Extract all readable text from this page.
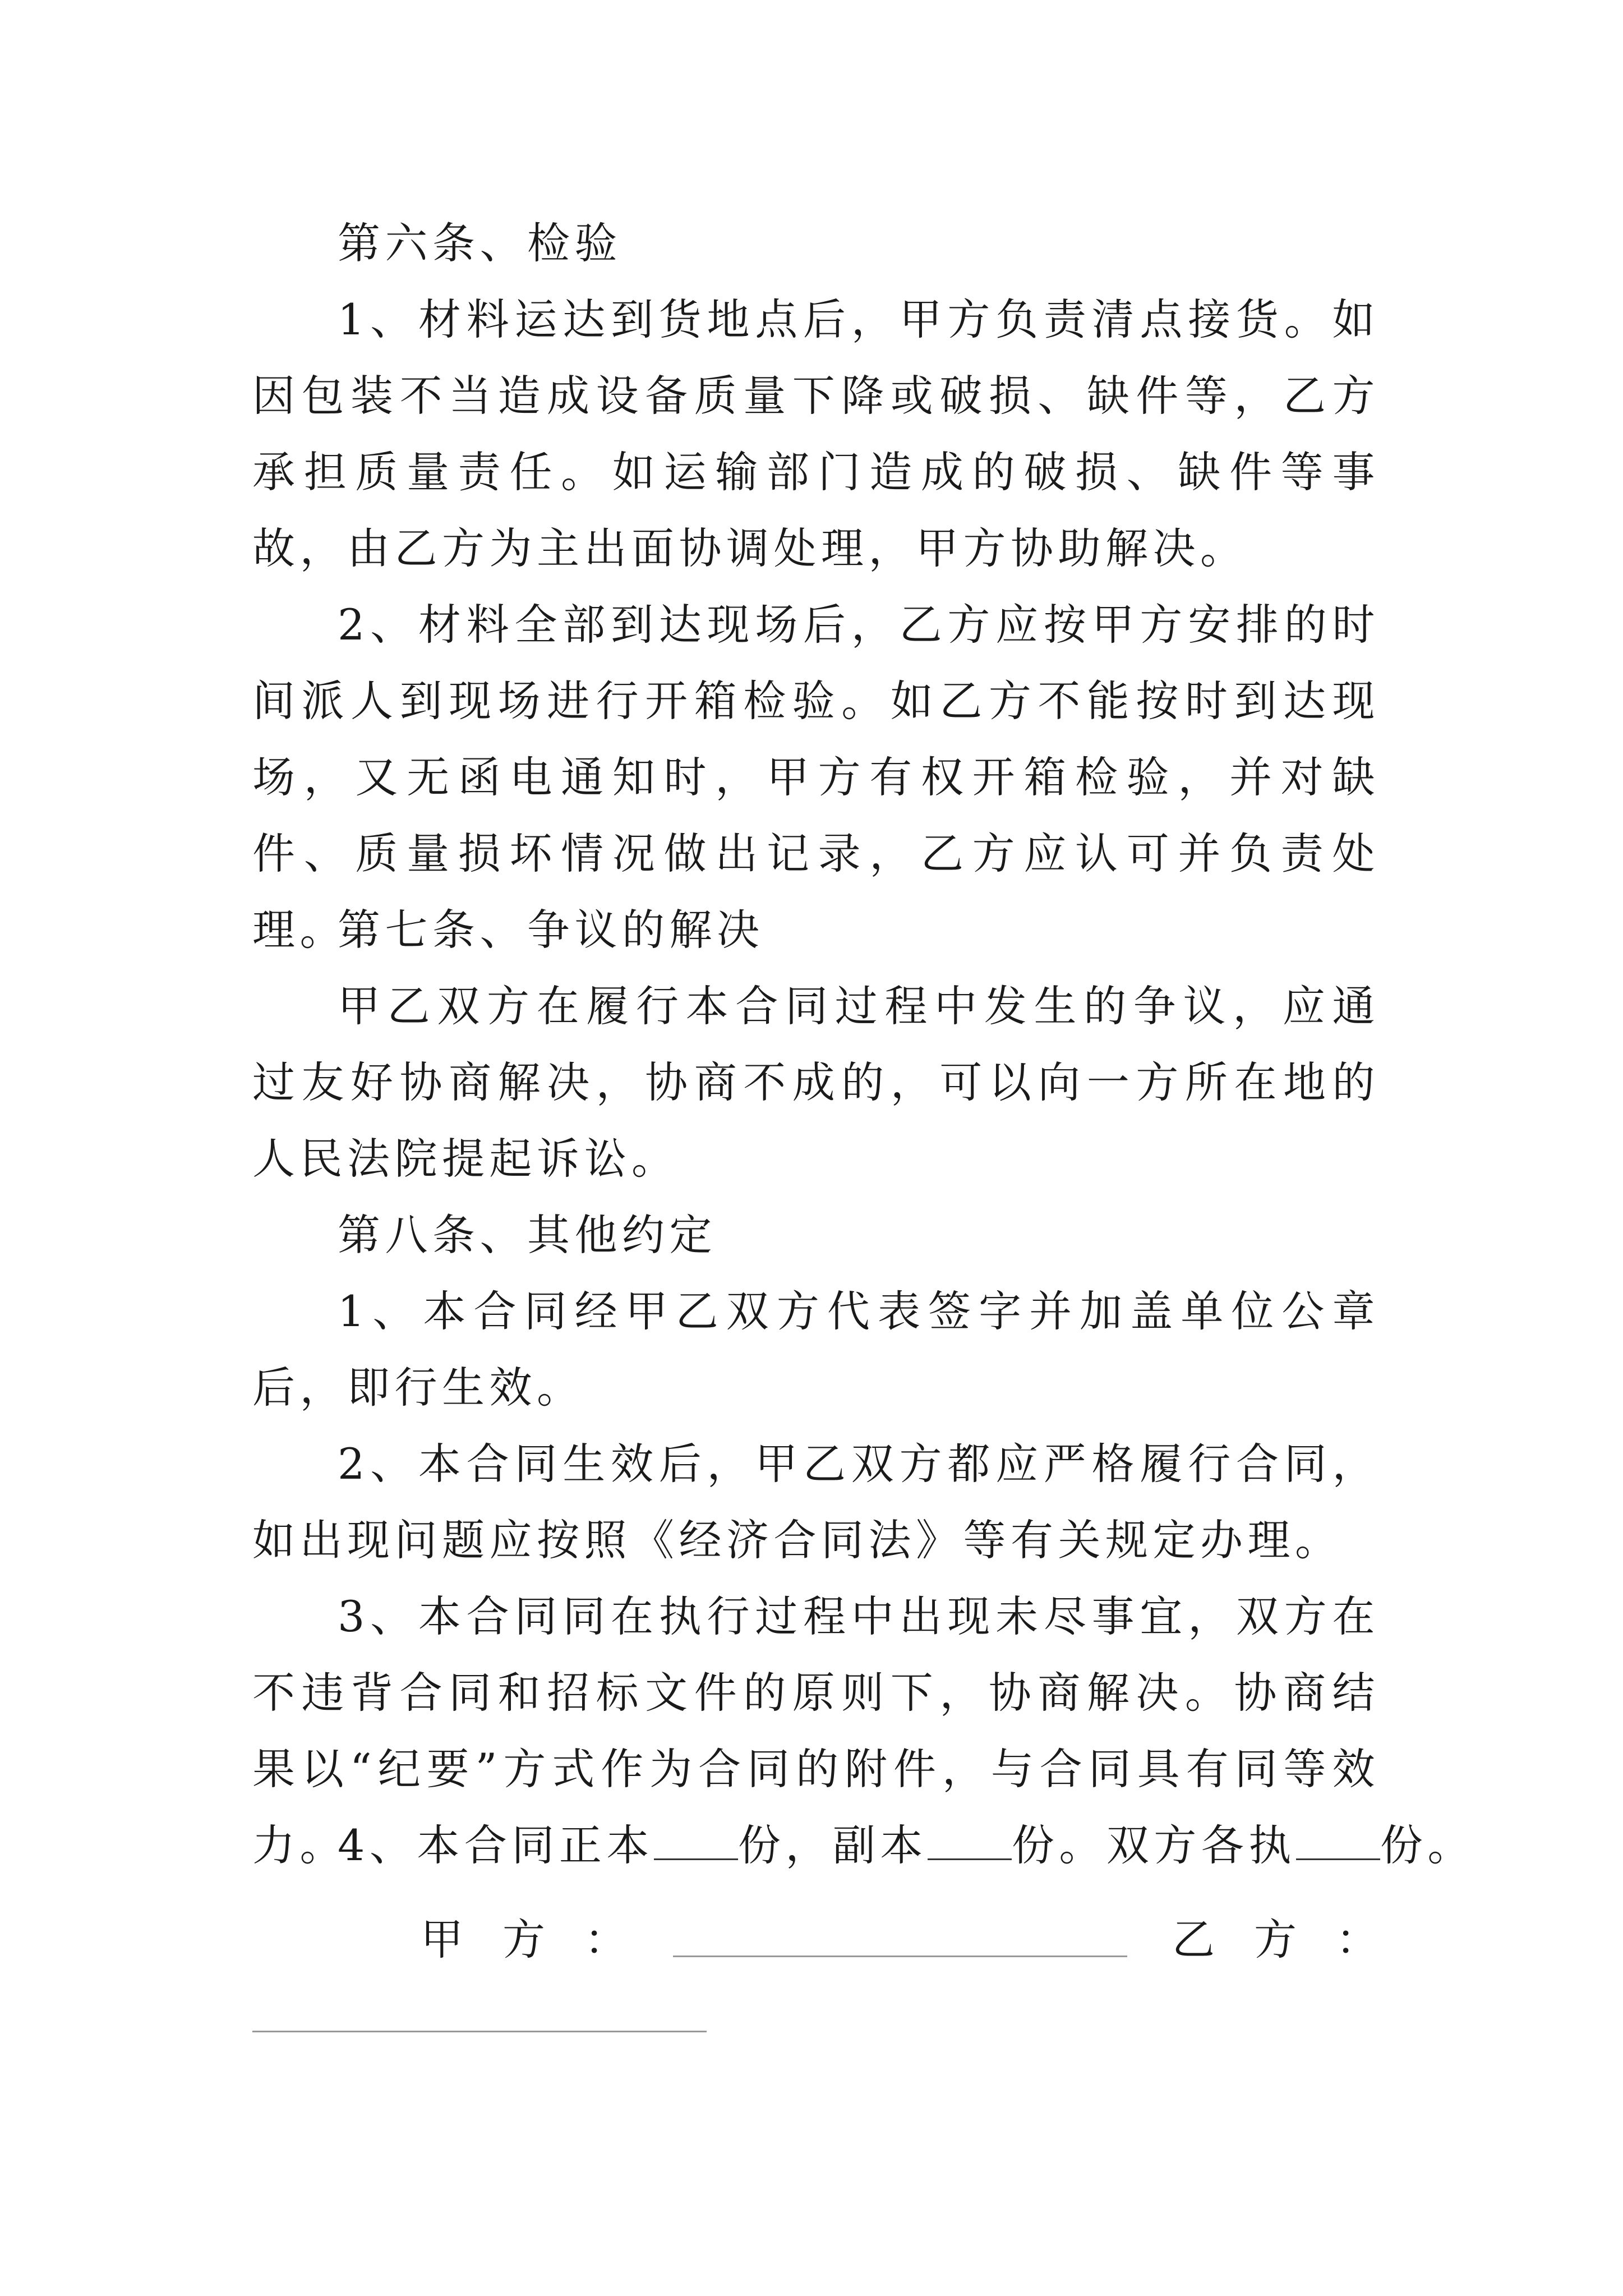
第六条、检验

1、材料运达到货地点后，甲方负责清点接货。如因包装不当造成设备质量下降或破损、缺件等，乙方承担质量责任。如运输部门造成的破损、缺件等事故，由乙方为主出面协调处理，甲方协助解决。

2、材料全部到达现场后，乙方应按甲方安排的时间派人到现场进行开箱检验。如乙方不能按时到达现场，又无函电通知时，甲方有权开箱检验，并对缺件、质量损坏情况做出记录，乙方应认可并负责处理。

第七条、争议的解决

甲乙双方在履行本合同过程中发生的争议，应通过友好协商解决，协商不成的，可以向一方所在地的人民法院提起诉讼。

第八条、其他约定

1、本合同经甲乙双方代表签字并加盖单位公章后，即行生效。

2、本合同生效后，甲乙双方都应严格履行合同，如出现问题应按照《经济合同法》等有关规定办理。

3、本合同同在执行过程中出现未尽事宜，双方在不违背合同和招标文件的原则下，协商解决。协商结果以“纪要”方式作为合同的附件，与合同具有同等效力。

4、本合同正本 份，副本 份。双方各执 份。

甲方：	乙方：
